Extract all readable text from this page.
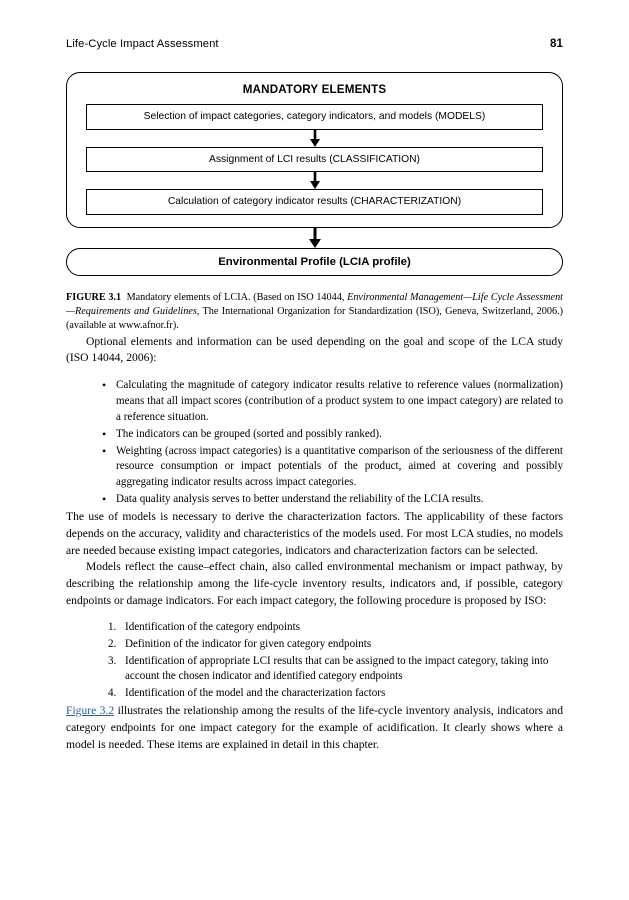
Life-Cycle Impact Assessment	81
MANDATORY ELEMENTS
Selection of impact categories, category indicators, and models (MODELS)
Assignment of LCI results (CLASSIFICATION)
Calculation of category indicator results (CHARACTERIZATION)
Environmental Profile (LCIA profile)
FIGURE 3.1 Mandatory elements of LCIA. (Based on ISO 14044, Environmental Management—Life Cycle Assessment—Requirements and Guidelines, The International Organization for Standardization (ISO), Geneva, Switzerland, 2006.) (available at www.afnor.fr).

Optional elements and information can be used depending on the goal and scope of the LCA study (ISO 14044, 2006):

• Calculating the magnitude of category indicator results relative to reference values (normalization) means that all impact scores (contribution of a product system to one impact category) are related to a reference situation.
• The indicators can be grouped (sorted and possibly ranked).
• Weighting (across impact categories) is a quantitative comparison of the seriousness of the different resource consumption or impact potentials of the product, aimed at covering and possibly aggregating indicator results across impact categories.
• Data quality analysis serves to better understand the reliability of the LCIA results.

The use of models is necessary to derive the characterization factors. The applicability of these factors depends on the accuracy, validity and characteristics of the models used. For most LCA studies, no models are needed because existing impact categories, indicators and characterization factors can be selected.

Models reflect the cause–effect chain, also called environmental mechanism or impact pathway, by describing the relationship among the life-cycle inventory results, indicators and, if possible, category endpoints or damage indicators. For each impact category, the following procedure is proposed by ISO:

Identification of the category endpoints
Definition of the indicator for given category endpoints
Identification of appropriate LCI results that can be assigned to the impact category, taking into account the chosen indicator and identified category endpoints
Identification of the model and the characterization factors

Figure 3.2 illustrates the relationship among the results of the life-cycle inventory analysis, indicators and category endpoints for one impact category for the example of acidification. It clearly shows where a model is needed. These items are explained in detail in this chapter.
